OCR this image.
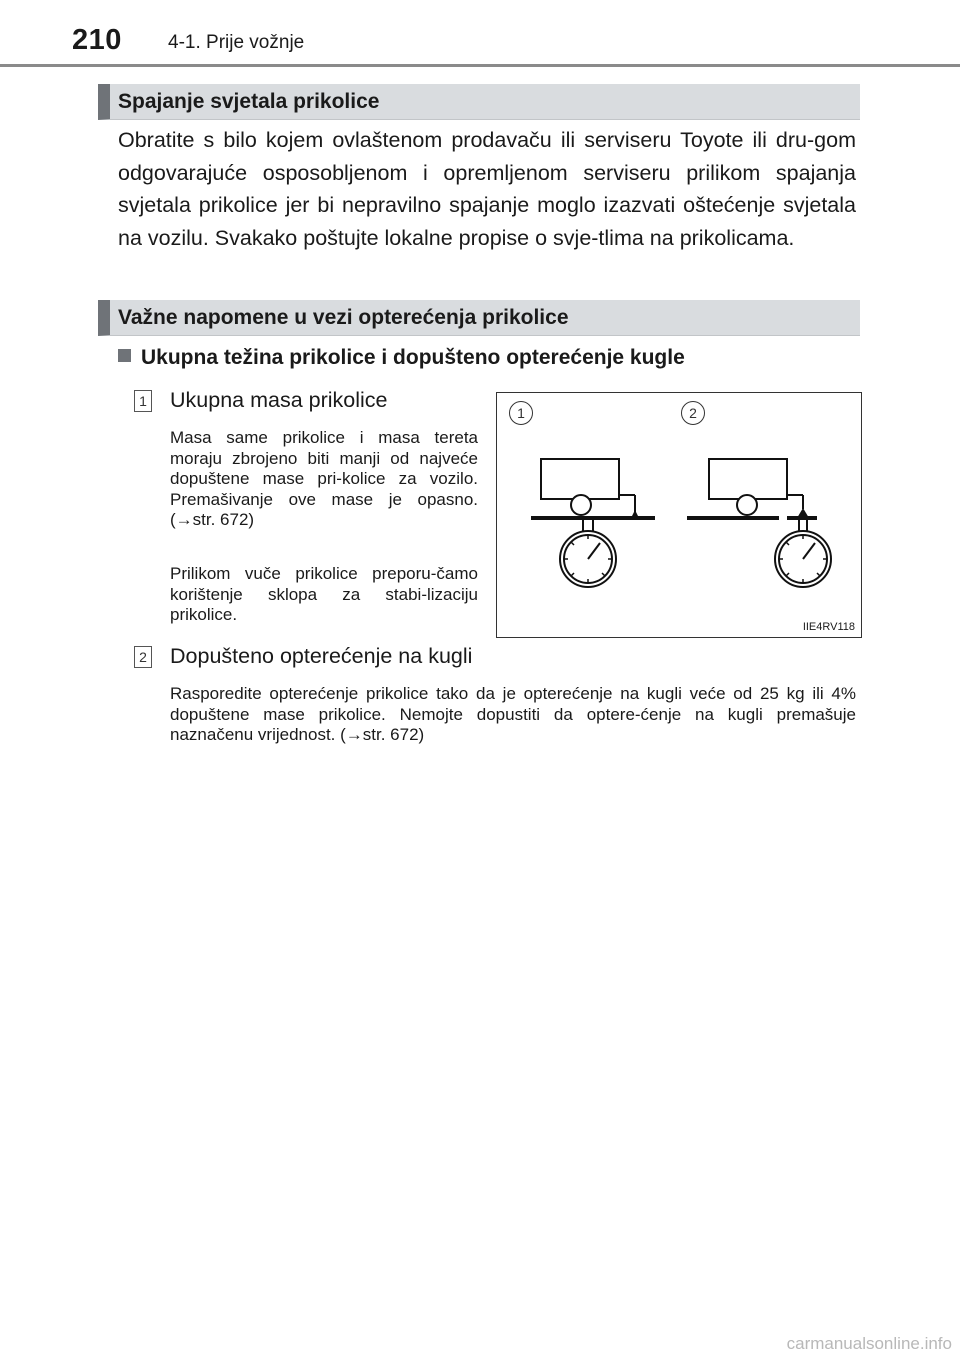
210 4-1. Prije vožnje
Spajanje svjetala prikolice
Obratite s bilo kojem ovlaštenom prodavaču ili serviseru Toyote ili dru-gom odgovarajuće osposobljenom i opremljenom serviseru prilikom spajanja svjetala prikolice jer bi nepravilno spajanje moglo izazvati oštećenje svjetala na vozilu. Svakako poštujte lokalne propise o svje-tlima na prikolicama.
Važne napomene u vezi opterećenja prikolice
Ukupna težina prikolice i dopušteno opterećenje kugle
1 Ukupna masa prikolice
Masa same prikolice i masa tereta moraju zbrojeno biti manji od najveće dopuštene mase pri-kolice za vozilo. Premašivanje ove mase je opasno. (→str. 672)
Prilikom vuče prikolice preporu-čamo korištenje sklopa za stabi-lizaciju prikolice.
1	2
IIE4RV118
2 Dopušteno opterećenje na kugli
Rasporedite opterećenje prikolice tako da je opterećenje na kugli veće od 25 kg ili 4% dopuštene mase prikolice. Nemojte dopustiti da optere-ćenje na kugli premašuje naznačenu vrijednost. (→str. 672)
carmanualsonline.info
